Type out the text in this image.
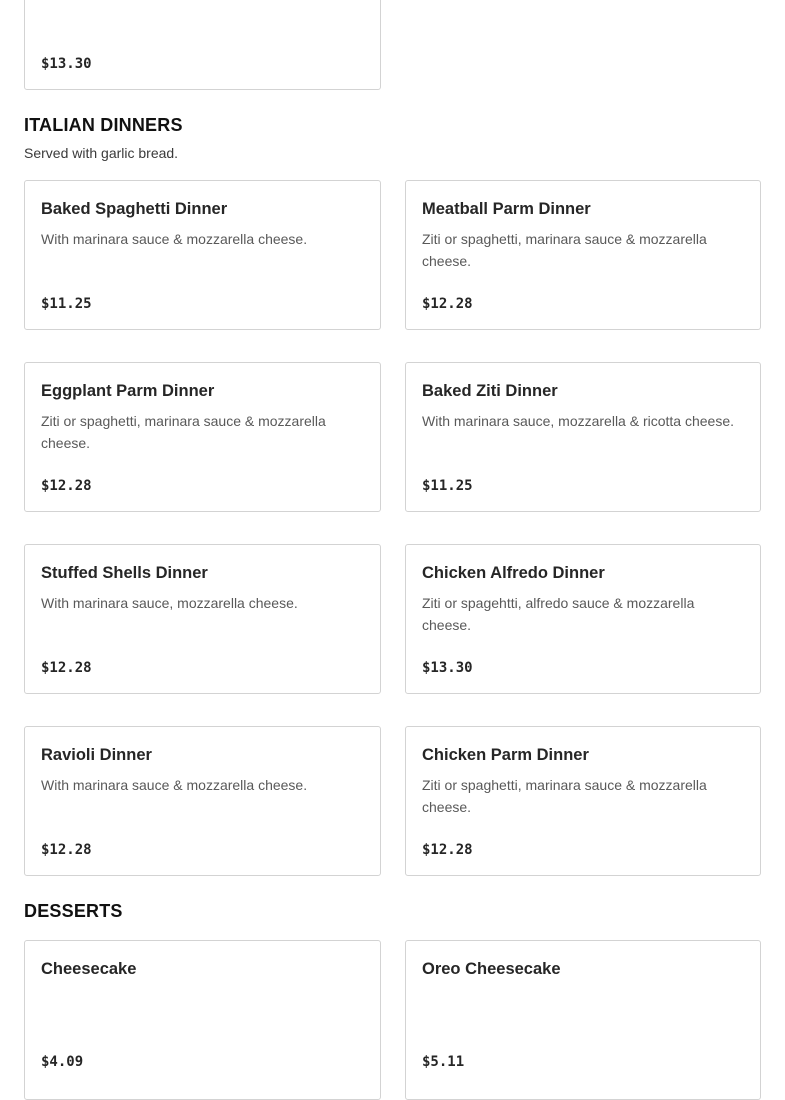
$13.30
ITALIAN DINNERS

Served with garlic bread.

Baked Spaghetti Dinner
With marinara sauce & mozzarella cheese.
$11.25
Meatball Parm Dinner
Ziti or spaghetti, marinara sauce & mozzarella cheese.
$12.28
Eggplant Parm Dinner
Ziti or spaghetti, marinara sauce & mozzarella cheese.
$12.28
Baked Ziti Dinner
With marinara sauce, mozzarella & ricotta cheese.
$11.25
Stuffed Shells Dinner
With marinara sauce, mozzarella cheese.
$12.28
Chicken Alfredo Dinner
Ziti or spagehtti, alfredo sauce & mozzarella cheese.
$13.30
Ravioli Dinner
With marinara sauce & mozzarella cheese.
$12.28
Chicken Parm Dinner
Ziti or spaghetti, marinara sauce & mozzarella cheese.
$12.28
DESSERTS
Cheesecake
$4.09
Oreo Cheesecake
$5.11
